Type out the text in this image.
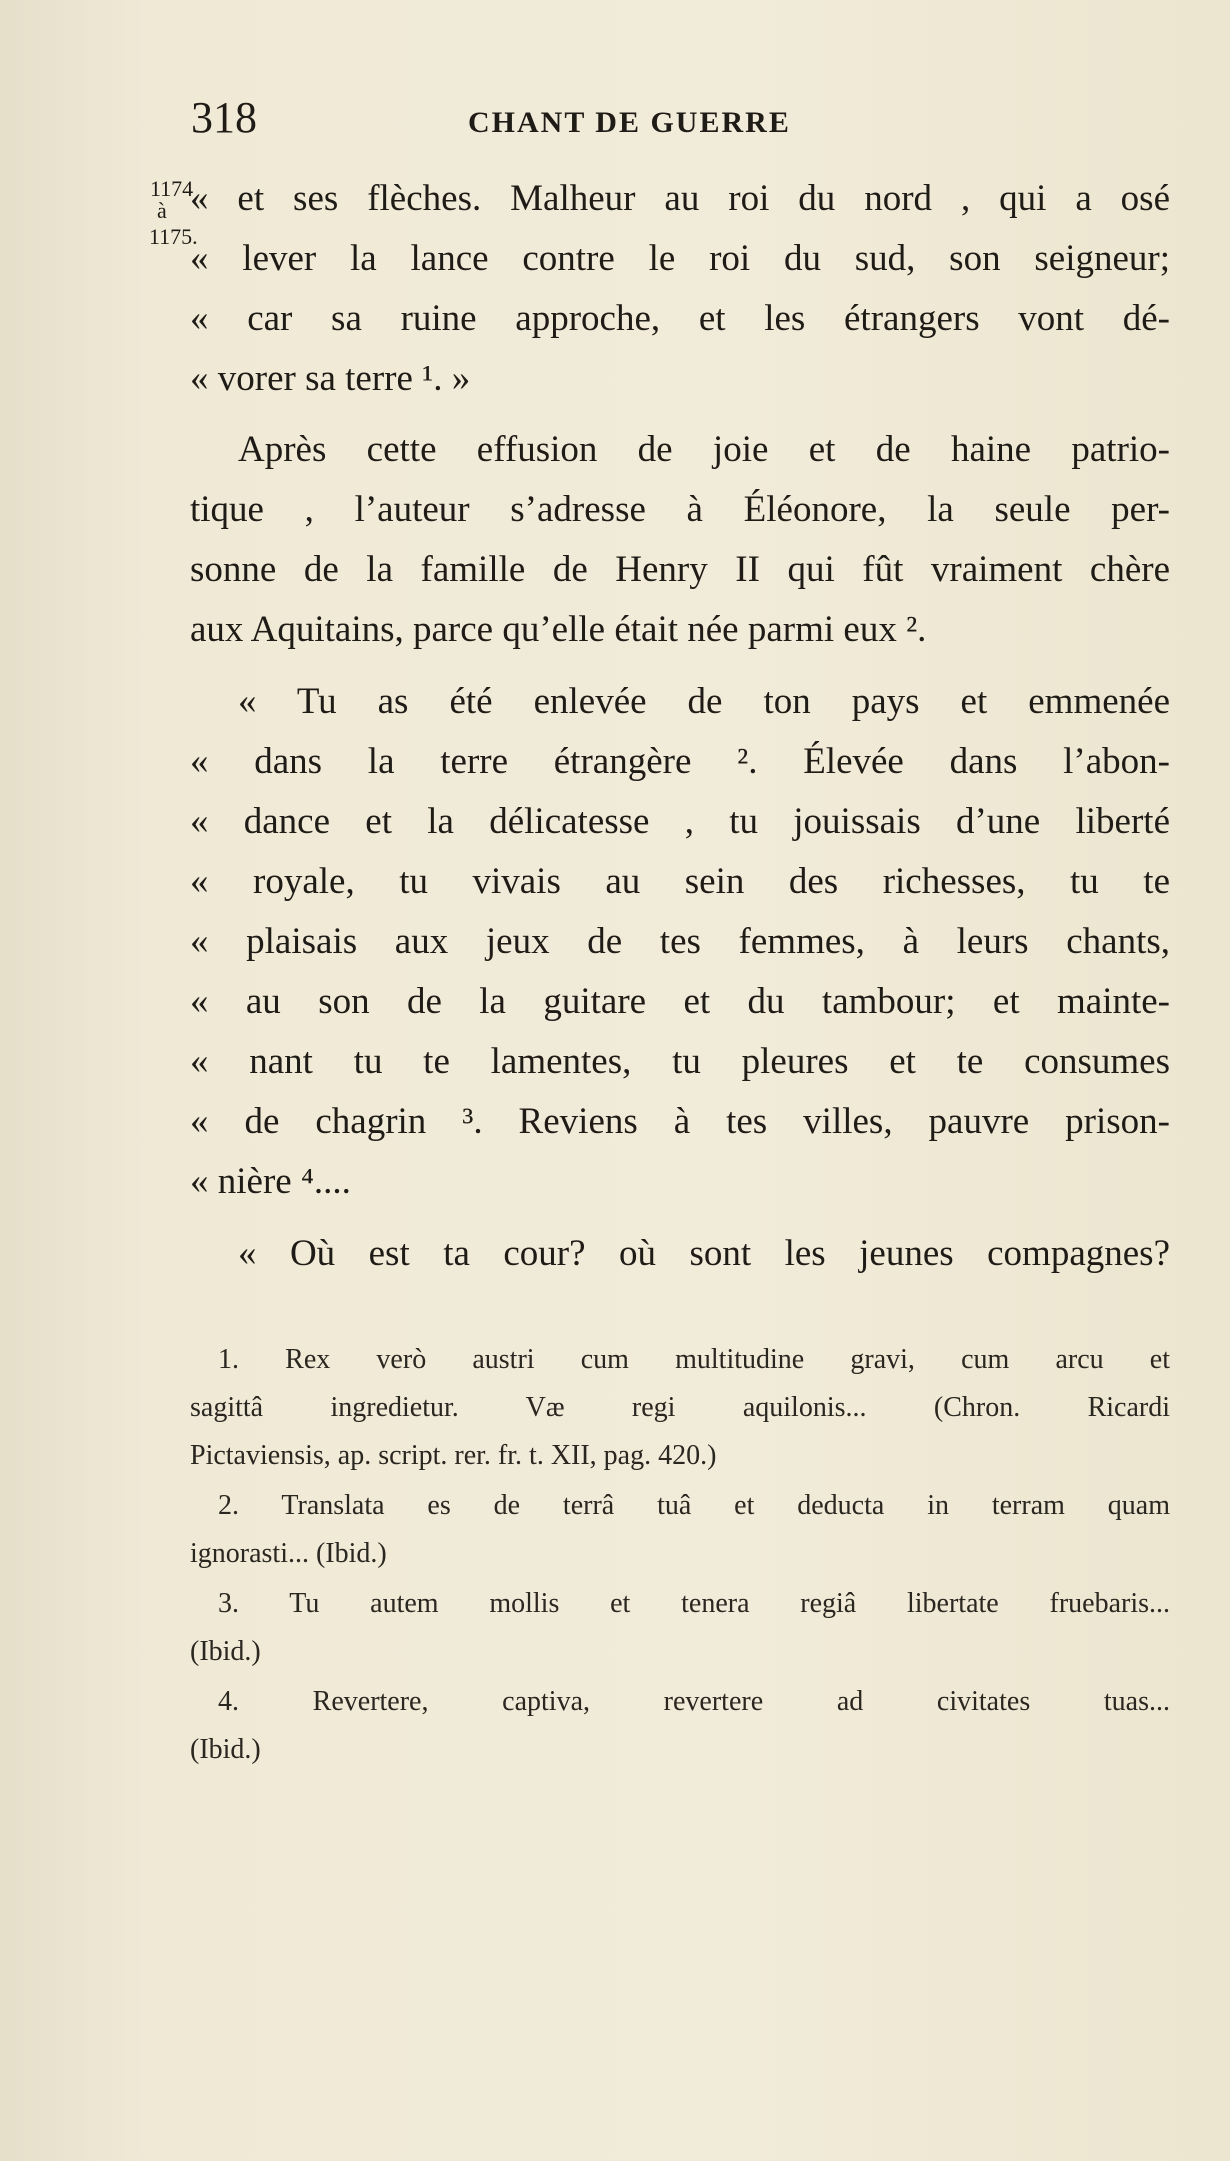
318	CHANT DE GUERRE
1174
à
1175.
« et ses flèches. Malheur au roi du nord , qui a osé
« lever la lance contre le roi du sud, son seigneur;
« car sa ruine approche, et les étrangers vont dé-
« vorer sa terre ¹. »
Après cette effusion de joie et de haine patrio-
tique , l’auteur s’adresse à Éléonore, la seule per-
sonne de la famille de Henry II qui fût vraiment chère
aux Aquitains, parce qu’elle était née parmi eux ².
« Tu as été enlevée de ton pays et emmenée
« dans la terre étrangère ². Élevée dans l’abon-
« dance et la délicatesse , tu jouissais d’une liberté
« royale, tu vivais au sein des richesses, tu te
« plaisais aux jeux de tes femmes, à leurs chants,
« au son de la guitare et du tambour; et mainte-
« nant tu te lamentes, tu pleures et te consumes
« de chagrin ³. Reviens à tes villes, pauvre prison-
« nière ⁴....
« Où est ta cour? où sont les jeunes compagnes?
1. Rex verò austri cum multitudine gravi, cum arcu et
sagittâ ingredietur. Væ regi aquilonis... (Chron. Ricardi
Pictaviensis, ap. script. rer. fr. t. XII, pag. 420.)
2. Translata es de terrâ tuâ et deducta in terram quam
ignorasti... (Ibid.)
3. Tu autem mollis et tenera regiâ libertate fruebaris...
(Ibid.)
4. Revertere, captiva, revertere ad civitates tuas...
(Ibid.)
